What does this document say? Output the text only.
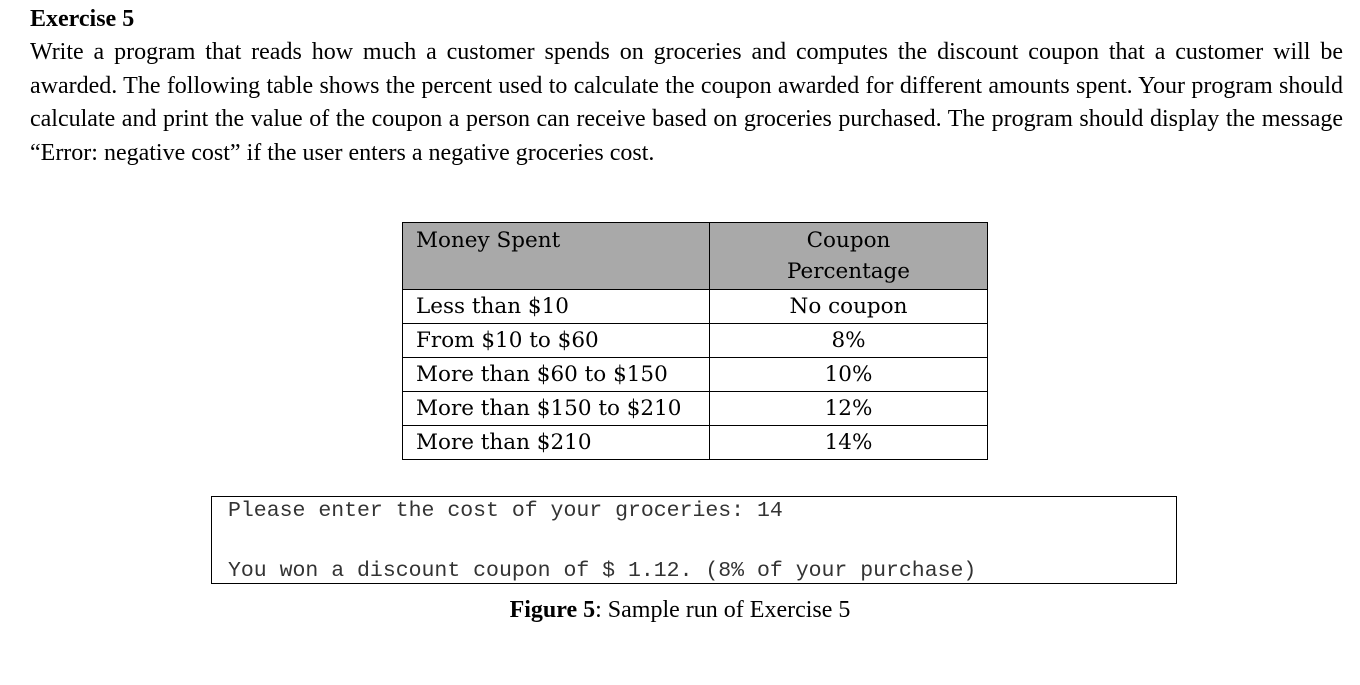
Exercise 5

Write a program that reads how much a customer spends on groceries and computes the discount coupon that a customer will be awarded. The following table shows the percent used to calculate the coupon awarded for different amounts spent. Your program should calculate and print the value of the coupon a person can receive based on groceries purchased. The program should display the message “Error: negative cost” if the user enters a negative groceries cost.

Money Spent	Coupon
Percentage
Less than $10	No coupon
From $10 to $60	8%
More than $60 to $150	10%
More than $150 to $210	12%
More than $210	14%
Please enter the cost of your groceries: 14
You won a discount coupon of $ 1.12. (8% of your purchase)
Figure 5: Sample run of Exercise 5
